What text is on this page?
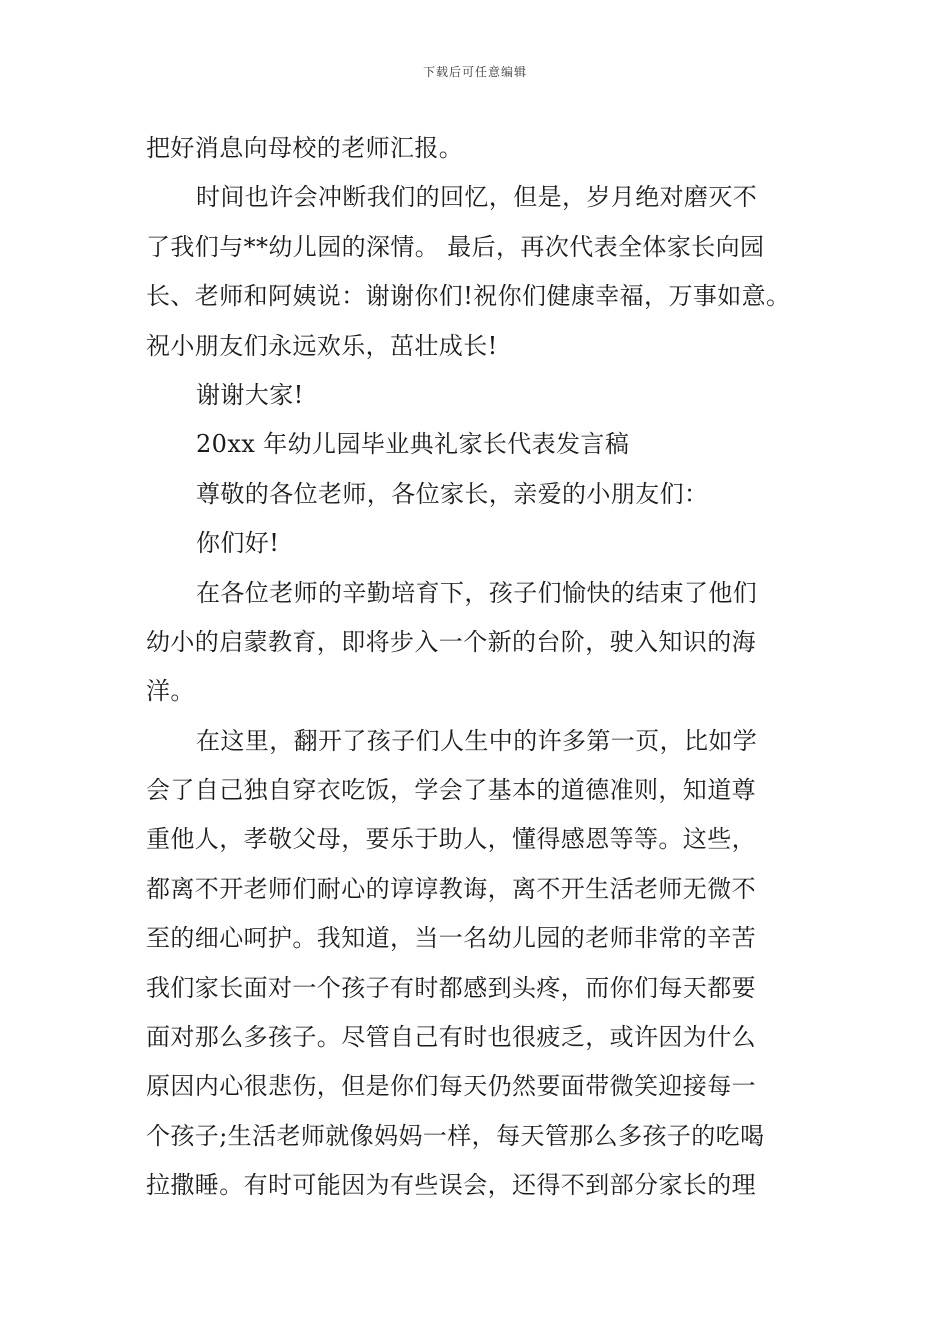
下载后可任意编辑
把好消息向母校的老师汇报。
时间也许会冲断我们的回忆，但是，岁月绝对磨灭不
了我们与**幼儿园的深情。 最后，再次代表全体家长向园
长、老师和阿姨说：谢谢你们!祝你们健康幸福，万事如意。
祝小朋友们永远欢乐，茁壮成长!
谢谢大家!
20xx 年幼儿园毕业典礼家长代表发言稿
尊敬的各位老师，各位家长，亲爱的小朋友们：
你们好!
在各位老师的辛勤培育下，孩子们愉快的结束了他们
幼小的启蒙教育，即将步入一个新的台阶，驶入知识的海
洋。
在这里，翻开了孩子们人生中的许多第一页，比如学
会了自己独自穿衣吃饭，学会了基本的道德准则，知道尊
重他人，孝敬父母，要乐于助人，懂得感恩等等。这些，
都离不开老师们耐心的谆谆教诲，离不开生活老师无微不
至的细心呵护。我知道，当一名幼儿园的老师非常的辛苦
我们家长面对一个孩子有时都感到头疼，而你们每天都要
面对那么多孩子。尽管自己有时也很疲乏，或许因为什么
原因内心很悲伤，但是你们每天仍然要面带微笑迎接每一
个孩子;生活老师就像妈妈一样，每天管那么多孩子的吃喝
拉撒睡。有时可能因为有些误会，还得不到部分家长的理
